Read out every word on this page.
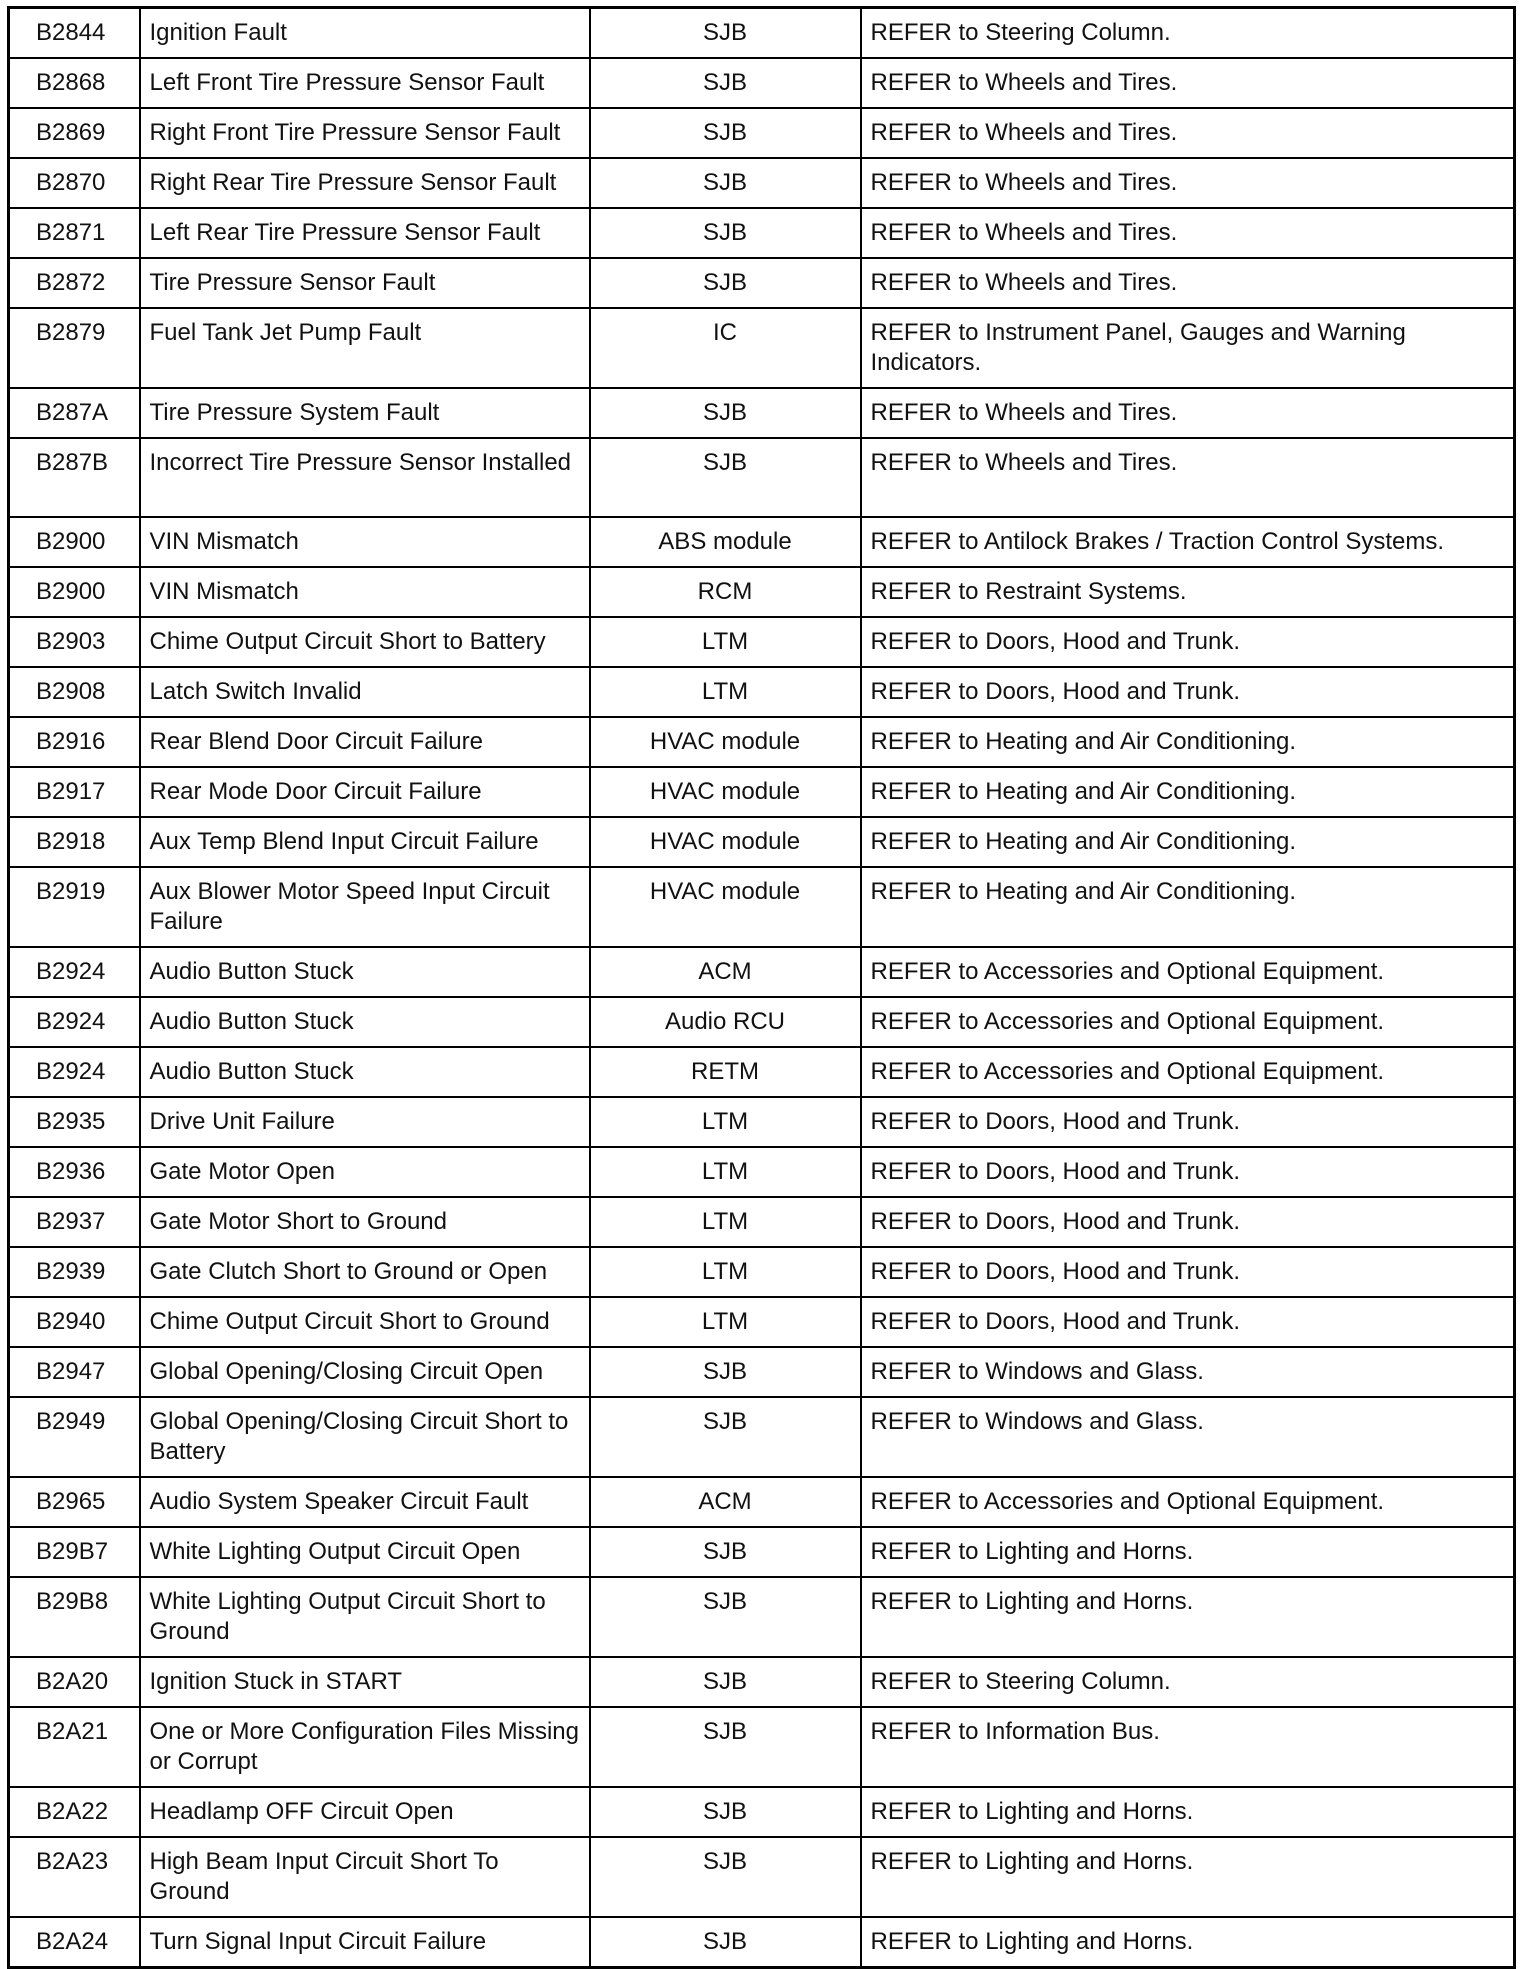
B2844	Ignition Fault	SJB	REFER to Steering Column.
B2868	Left Front Tire Pressure Sensor Fault	SJB	REFER to Wheels and Tires.
B2869	Right Front Tire Pressure Sensor Fault	SJB	REFER to Wheels and Tires.
B2870	Right Rear Tire Pressure Sensor Fault	SJB	REFER to Wheels and Tires.
B2871	Left Rear Tire Pressure Sensor Fault	SJB	REFER to Wheels and Tires.
B2872	Tire Pressure Sensor Fault	SJB	REFER to Wheels and Tires.
B2879	Fuel Tank Jet Pump Fault	IC	REFER to Instrument Panel, Gauges and Warning Indicators.
B287A	Tire Pressure System Fault	SJB	REFER to Wheels and Tires.
B287B	Incorrect Tire Pressure Sensor Installed	SJB	REFER to Wheels and Tires.
B2900	VIN Mismatch	ABS module	REFER to Antilock Brakes / Traction Control Systems.
B2900	VIN Mismatch	RCM	REFER to Restraint Systems.
B2903	Chime Output Circuit Short to Battery	LTM	REFER to Doors, Hood and Trunk.
B2908	Latch Switch Invalid	LTM	REFER to Doors, Hood and Trunk.
B2916	Rear Blend Door Circuit Failure	HVAC module	REFER to Heating and Air Conditioning.
B2917	Rear Mode Door Circuit Failure	HVAC module	REFER to Heating and Air Conditioning.
B2918	Aux Temp Blend Input Circuit Failure	HVAC module	REFER to Heating and Air Conditioning.
B2919	Aux Blower Motor Speed Input Circuit Failure	HVAC module	REFER to Heating and Air Conditioning.
B2924	Audio Button Stuck	ACM	REFER to Accessories and Optional Equipment.
B2924	Audio Button Stuck	Audio RCU	REFER to Accessories and Optional Equipment.
B2924	Audio Button Stuck	RETM	REFER to Accessories and Optional Equipment.
B2935	Drive Unit Failure	LTM	REFER to Doors, Hood and Trunk.
B2936	Gate Motor Open	LTM	REFER to Doors, Hood and Trunk.
B2937	Gate Motor Short to Ground	LTM	REFER to Doors, Hood and Trunk.
B2939	Gate Clutch Short to Ground or Open	LTM	REFER to Doors, Hood and Trunk.
B2940	Chime Output Circuit Short to Ground	LTM	REFER to Doors, Hood and Trunk.
B2947	Global Opening/Closing Circuit Open	SJB	REFER to Windows and Glass.
B2949	Global Opening/Closing Circuit Short to Battery	SJB	REFER to Windows and Glass.
B2965	Audio System Speaker Circuit Fault	ACM	REFER to Accessories and Optional Equipment.
B29B7	White Lighting Output Circuit Open	SJB	REFER to Lighting and Horns.
B29B8	White Lighting Output Circuit Short to Ground	SJB	REFER to Lighting and Horns.
B2A20	Ignition Stuck in START	SJB	REFER to Steering Column.
B2A21	One or More Configuration Files Missing or Corrupt	SJB	REFER to Information Bus.
B2A22	Headlamp OFF Circuit Open	SJB	REFER to Lighting and Horns.
B2A23	High Beam Input Circuit Short To Ground	SJB	REFER to Lighting and Horns.
B2A24	Turn Signal Input Circuit Failure	SJB	REFER to Lighting and Horns.
